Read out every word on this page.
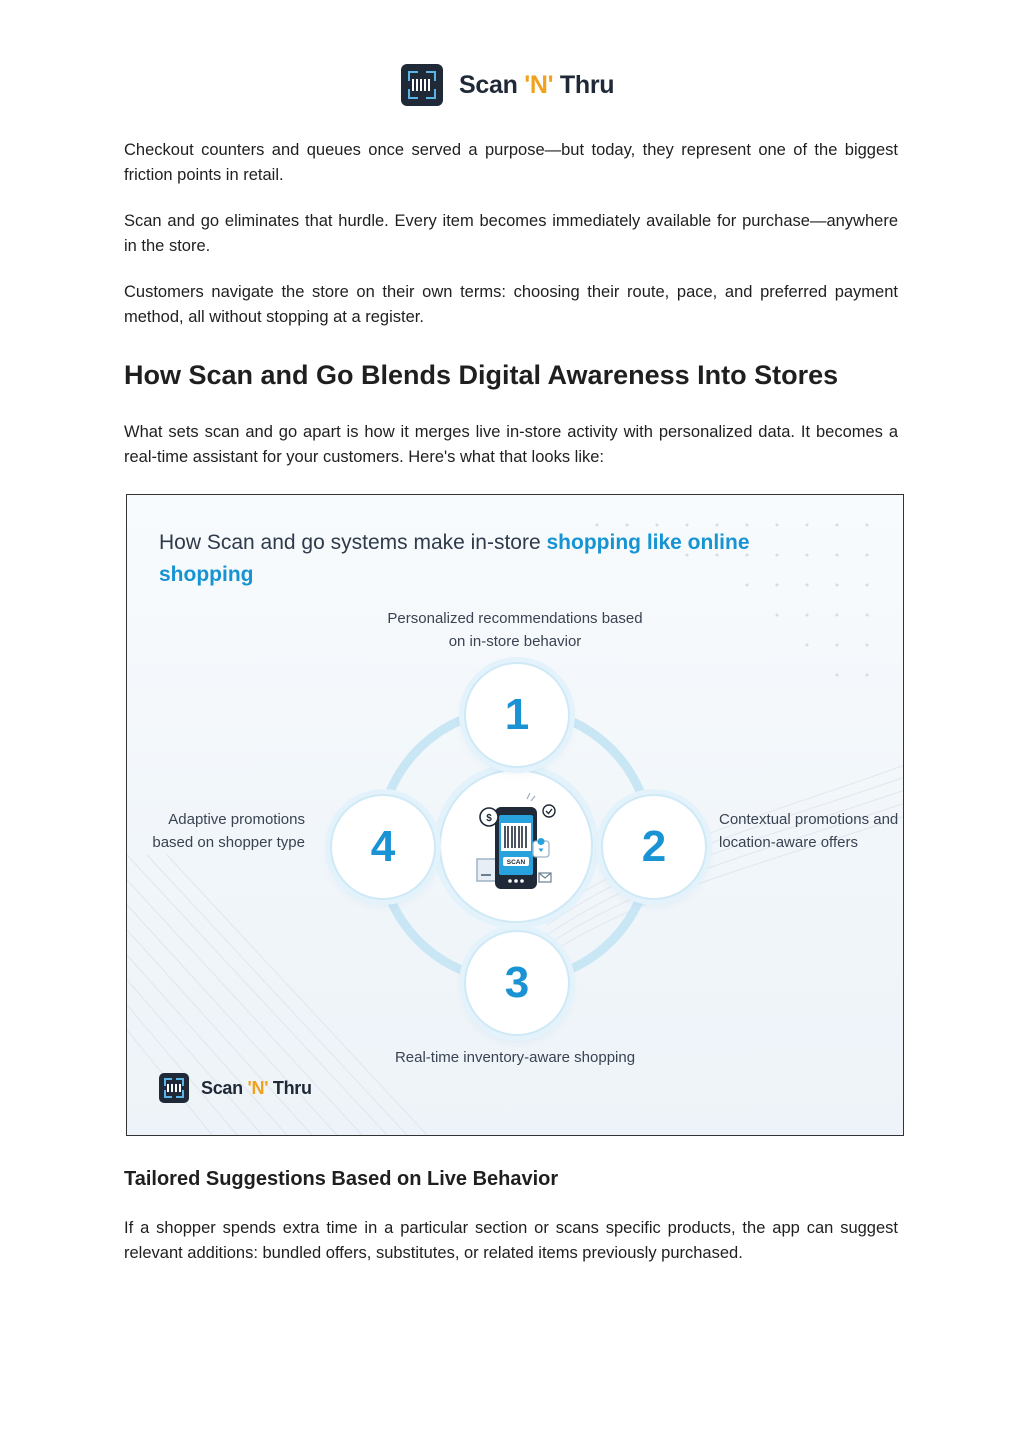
Scan 'N' Thru

Checkout counters and queues once served a purpose—but today, they represent one of the biggest friction points in retail.

Scan and go eliminates that hurdle. Every item becomes immediately available for purchase—anywhere in the store.

Customers navigate the store on their own terms: choosing their route, pace, and preferred payment method, all without stopping at a register.

How Scan and Go Blends Digital Awareness Into Stores

What sets scan and go apart is how it merges live in-store activity with personalized data. It becomes a real-time assistant for your customers. Here's what that looks like:

How Scan and go systems make in-store shopping like online shopping

Personalized recommendations based on in-store behavior

Contextual promotions and location-aware offers

Real-time inventory-aware shopping

Adaptive promotions based on shopper type

SCAN
$
1
2
3
4
Scan 'N' Thru
Tailored Suggestions Based on Live Behavior

If a shopper spends extra time in a particular section or scans specific products, the app can suggest relevant additions: bundled offers, substitutes, or related items previously purchased.
